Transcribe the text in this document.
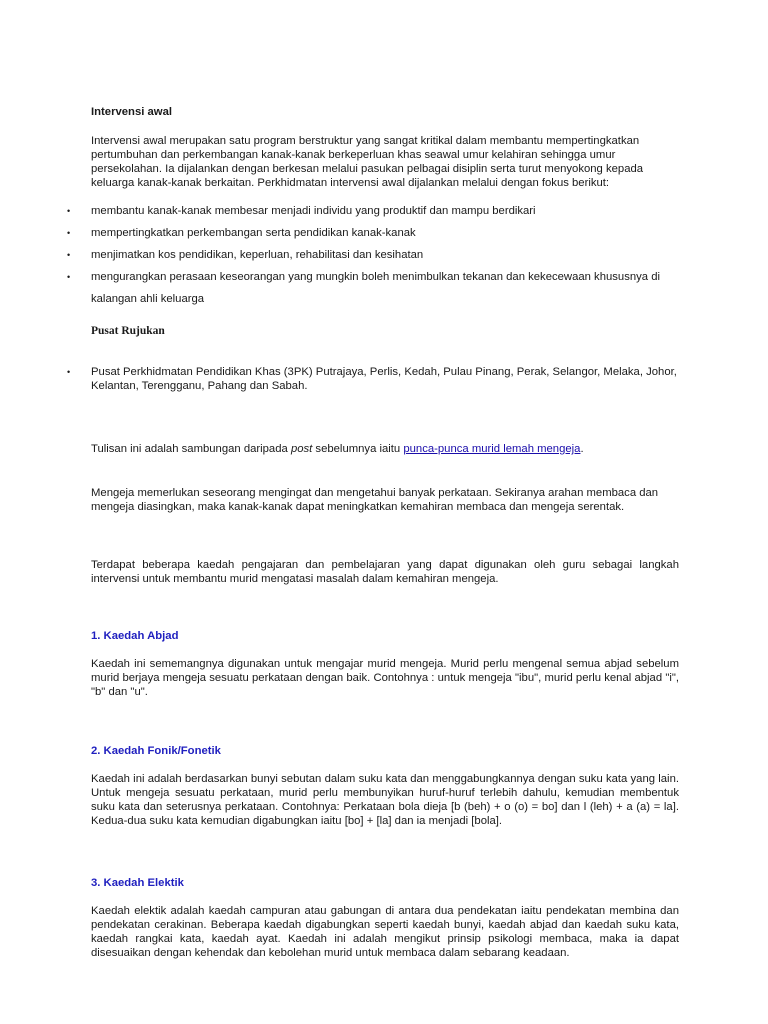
Intervensi awal
Intervensi awal merupakan satu program berstruktur yang sangat kritikal dalam membantu mempertingkatkan pertumbuhan dan perkembangan kanak-kanak berkeperluan khas seawal umur kelahiran sehingga umur persekolahan. Ia dijalankan dengan berkesan melalui pasukan pelbagai disiplin serta turut menyokong kepada keluarga kanak-kanak berkaitan. Perkhidmatan intervensi awal dijalankan melalui dengan fokus berikut:
• membantu kanak-kanak membesar menjadi individu yang produktif dan mampu berdikari
• mempertingkatkan perkembangan serta pendidikan kanak-kanak
• menjimatkan kos pendidikan, keperluan, rehabilitasi dan kesihatan
• mengurangkan perasaan keseorangan yang mungkin boleh menimbulkan tekanan dan kekecewaan khususnya di kalangan ahli keluarga
Pusat Rujukan
• Pusat Perkhidmatan Pendidikan Khas (3PK) Putrajaya, Perlis, Kedah, Pulau Pinang, Perak, Selangor, Melaka, Johor, Kelantan, Terengganu, Pahang dan Sabah.
Tulisan ini adalah sambungan daripada post sebelumnya iaitu punca-punca murid lemah mengeja.
Mengeja memerlukan seseorang mengingat dan mengetahui banyak perkataan. Sekiranya arahan membaca dan mengeja diasingkan, maka kanak-kanak dapat meningkatkan kemahiran membaca dan mengeja serentak.
Terdapat beberapa kaedah pengajaran dan pembelajaran yang dapat digunakan oleh guru sebagai langkah intervensi untuk membantu murid mengatasi masalah dalam kemahiran mengeja.
1. Kaedah Abjad
Kaedah ini sememangnya digunakan untuk mengajar murid mengeja. Murid perlu mengenal semua abjad sebelum murid berjaya mengeja sesuatu perkataan dengan baik. Contohnya : untuk mengeja "ibu", murid perlu kenal abjad "i", "b" dan "u".
2. Kaedah Fonik/Fonetik
Kaedah ini adalah berdasarkan bunyi sebutan dalam suku kata dan menggabungkannya dengan suku kata yang lain. Untuk mengeja sesuatu perkataan, murid perlu membunyikan huruf-huruf terlebih dahulu, kemudian membentuk suku kata dan seterusnya perkataan. Contohnya: Perkataan bola dieja [b (beh) + o (o) = bo] dan l (leh) + a (a) = la]. Kedua-dua suku kata kemudian digabungkan iaitu [bo] + [la] dan ia menjadi [bola].
3. Kaedah Elektik
Kaedah elektik adalah kaedah campuran atau gabungan di antara dua pendekatan iaitu pendekatan membina dan pendekatan cerakinan. Beberapa kaedah digabungkan seperti kaedah bunyi, kaedah abjad dan kaedah suku kata, kaedah rangkai kata, kaedah ayat. Kaedah ini adalah mengikut prinsip psikologi membaca, maka ia dapat disesuaikan dengan kehendak dan kebolehan murid untuk membaca dalam sebarang keadaan.
